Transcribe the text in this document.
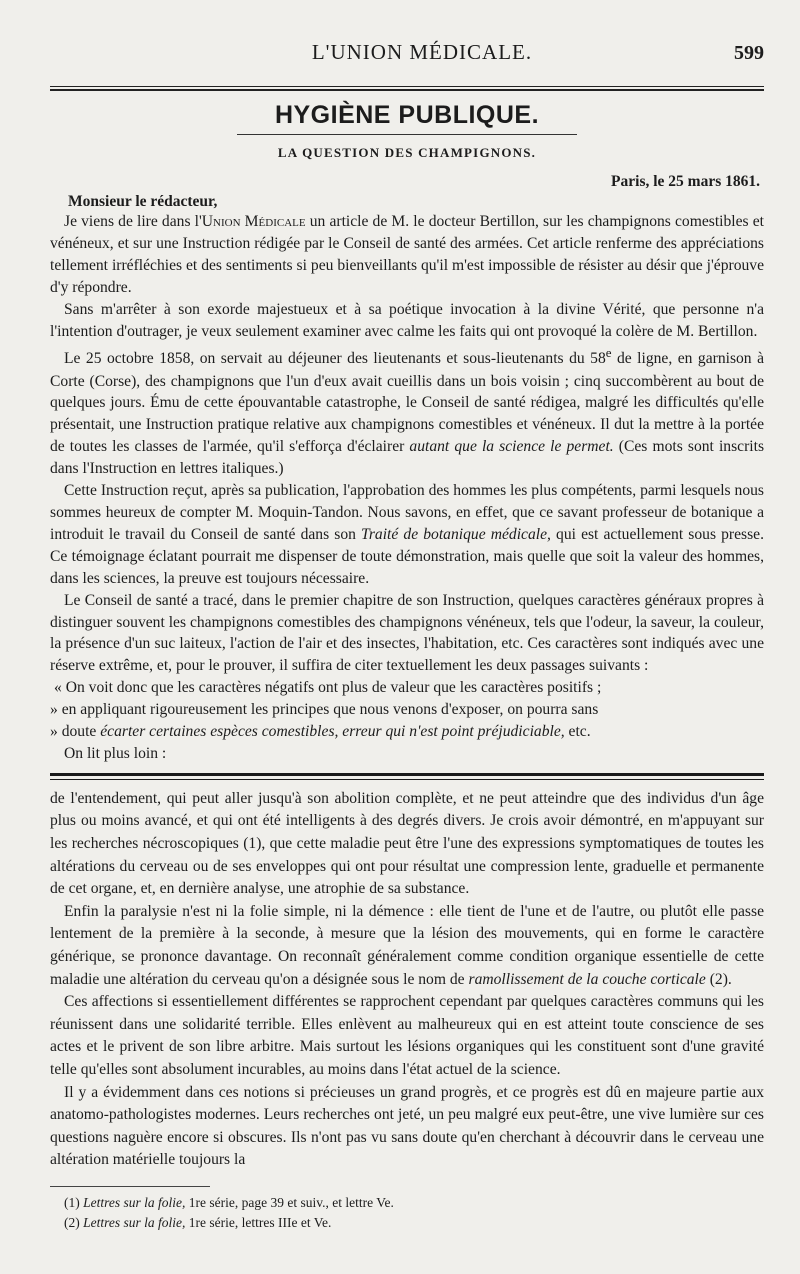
L'UNION MÉDICALE.	599
HYGIÈNE PUBLIQUE.
LA QUESTION DES CHAMPIGNONS.
Paris, le 25 mars 1861.
Monsieur le rédacteur,

Je viens de lire dans l'Union Médicale un article de M. le docteur Bertillon, sur les champignons comestibles et vénéneux, et sur une Instruction rédigée par le Conseil de santé des armées. Cet article renferme des appréciations tellement irréfléchies et des sentiments si peu bienveillants qu'il m'est impossible de résister au désir que j'éprouve d'y répondre.

Sans m'arrêter à son exorde majestueux et à sa poétique invocation à la divine Vérité, que personne n'a l'intention d'outrager, je veux seulement examiner avec calme les faits qui ont provoqué la colère de M. Bertillon.

Le 25 octobre 1858, on servait au déjeuner des lieutenants et sous-lieutenants du 58e de ligne, en garnison à Corte (Corse), des champignons que l'un d'eux avait cueillis dans un bois voisin ; cinq succombèrent au bout de quelques jours. Ému de cette épouvantable catastrophe, le Conseil de santé rédigea, malgré les difficultés qu'elle présentait, une Instruction pratique relative aux champignons comestibles et vénéneux. Il dut la mettre à la portée de toutes les classes de l'armée, qu'il s'efforça d'éclairer autant que la science le permet. (Ces mots sont inscrits dans l'Instruction en lettres italiques.)

Cette Instruction reçut, après sa publication, l'approbation des hommes les plus compétents, parmi lesquels nous sommes heureux de compter M. Moquin-Tandon. Nous savons, en effet, que ce savant professeur de botanique a introduit le travail du Conseil de santé dans son Traité de botanique médicale, qui est actuellement sous presse. Ce témoignage éclatant pourrait me dispenser de toute démonstration, mais quelle que soit la valeur des hommes, dans les sciences, la preuve est toujours nécessaire.

Le Conseil de santé a tracé, dans le premier chapitre de son Instruction, quelques caractères généraux propres à distinguer souvent les champignons comestibles des champignons vénéneux, tels que l'odeur, la saveur, la couleur, la présence d'un suc laiteux, l'action de l'air et des insectes, l'habitation, etc. Ces caractères sont indiqués avec une réserve extrême, et, pour le prouver, il suffira de citer textuellement les deux passages suivants :

« On voit donc que les caractères négatifs ont plus de valeur que les caractères positifs ;

» en appliquant rigoureusement les principes que nous venons d'exposer, on pourra sans

» doute écarter certaines espèces comestibles, erreur qui n'est point préjudiciable, etc.

On lit plus loin :

de l'entendement, qui peut aller jusqu'à son abolition complète, et ne peut atteindre que des individus d'un âge plus ou moins avancé, et qui ont été intelligents à des degrés divers. Je crois avoir démontré, en m'appuyant sur les recherches nécroscopiques (1), que cette maladie peut être l'une des expressions symptomatiques de toutes les altérations du cerveau ou de ses enveloppes qui ont pour résultat une compression lente, graduelle et permanente de cet organe, et, en dernière analyse, une atrophie de sa substance.

Enfin la paralysie n'est ni la folie simple, ni la démence : elle tient de l'une et de l'autre, ou plutôt elle passe lentement de la première à la seconde, à mesure que la lésion des mouvements, qui en forme le caractère générique, se prononce davantage. On reconnaît généralement comme condition organique essentielle de cette maladie une altération du cerveau qu'on a désignée sous le nom de ramollissement de la couche corticale (2).

Ces affections si essentiellement différentes se rapprochent cependant par quelques caractères communs qui les réunissent dans une solidarité terrible. Elles enlèvent au malheureux qui en est atteint toute conscience de ses actes et le privent de son libre arbitre. Mais surtout les lésions organiques qui les constituent sont d'une gravité telle qu'elles sont absolument incurables, au moins dans l'état actuel de la science.

Il y a évidemment dans ces notions si précieuses un grand progrès, et ce progrès est dû en majeure partie aux anatomo-pathologistes modernes. Leurs recherches ont jeté, un peu malgré eux peut-être, une vive lumière sur ces questions naguère encore si obscures. Ils n'ont pas vu sans doute qu'en cherchant à découvrir dans le cerveau une altération matérielle toujours la

(1) Lettres sur la folie, 1re série, page 39 et suiv., et lettre Ve.

(2) Lettres sur la folie, 1re série, lettres IIIe et Ve.
